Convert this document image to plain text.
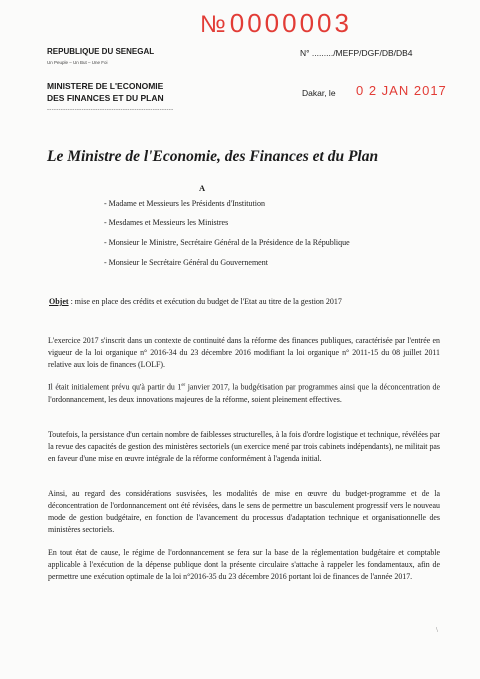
№ 0000003
N° ........./MEFP/DGF/DB/DB4
Dakar, le 0 2 JAN 2017
REPUBLIQUE DU SENEGAL
Un Peuple – Un But – Une Foi
MINISTERE DE L'ECONOMIE
DES FINANCES ET DU PLAN
-------------------------------------------------------
Le Ministre de l'Economie, des Finances et du Plan
A
- Madame et Messieurs les Présidents d'Institution
- Mesdames et Messieurs les Ministres
- Monsieur le Ministre, Secrétaire Général de la Présidence de la République
- Monsieur le Secrétaire Général du Gouvernement
Objet : mise en place des crédits et exécution du budget de l'Etat au titre de la gestion 2017

L'exercice 2017 s'inscrit dans un contexte de continuité dans la réforme des finances publiques, caractérisée par l'entrée en vigueur de la loi organique n° 2016-34 du 23 décembre 2016 modifiant la loi organique n° 2011-15 du 08 juillet 2011 relative aux lois de finances (LOLF).

Il était initialement prévu qu'à partir du 1er janvier 2017, la budgétisation par programmes ainsi que la déconcentration de l'ordonnancement, les deux innovations majeures de la réforme, soient pleinement effectives.

Toutefois, la persistance d'un certain nombre de faiblesses structurelles, à la fois d'ordre logistique et technique, révélées par la revue des capacités de gestion des ministères sectoriels (un exercice mené par trois cabinets indépendants), ne militait pas en faveur d'une mise en œuvre intégrale de la réforme conformément à l'agenda initial.

Ainsi, au regard des considérations susvisées, les modalités de mise en œuvre du budget-programme et de la déconcentration de l'ordonnancement ont été révisées, dans le sens de permettre un basculement progressif vers le nouveau mode de gestion budgétaire, en fonction de l'avancement du processus d'adaptation technique et organisationnelle des ministères sectoriels.

En tout état de cause, le régime de l'ordonnancement se fera sur la base de la réglementation budgétaire et comptable applicable à l'exécution de la dépense publique dont la présente circulaire s'attache à rappeler les fondamentaux, afin de permettre une exécution optimale de la loi n°2016-35 du 23 décembre 2016 portant loi de finances de l'année 2017.

\
